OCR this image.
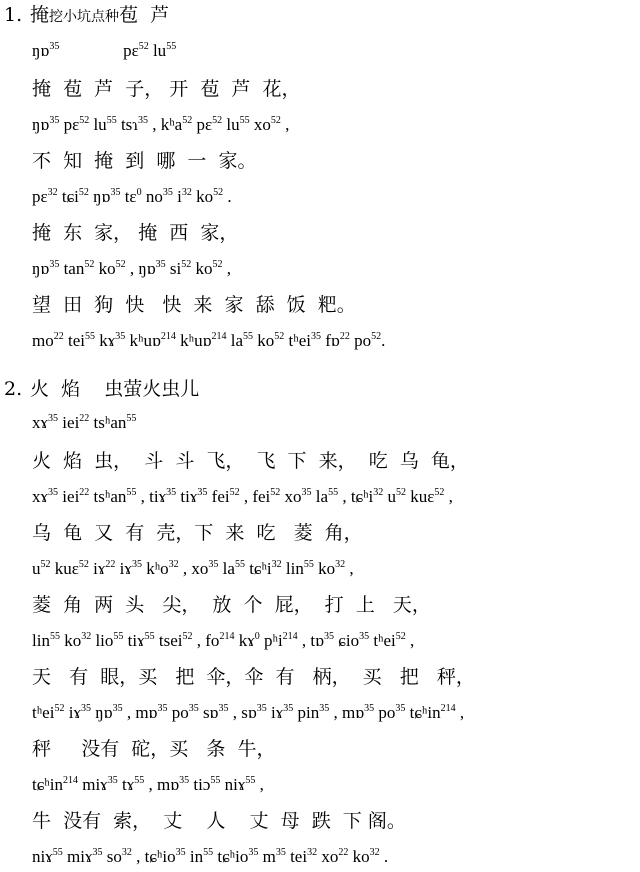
1. 掩挖小坑点种苞  芦
ŋɒ$^{35}$               pɛ$^{52}$ $lu^{55}$
掩  苞  芦  子， 开  苞  芦  花，
ŋɒ$^{35}$ pɛ$^{52}$ $lu^{55}$ tsɿ$^{35}$ , kʰa$^{52}$ pɛ$^{52}$ $lu^{55}$ $xo^{52}$ ,
不  知  掩  到  哪  一  家。
pɛ$^{32}$ tɕi$^{52}$ ŋɒ$^{35}$ tɛ$^0$ $no^{35}$ $i^{32}$ $ko^{52}$ .
掩  东  家， 掩  西  家，
ŋɒ$^{35}$ $\tan^{52} ko^{52}$ , ŋɒ$^{35}$ $si^{52}$ $ko^{52}$ ,
望  田  狗  快   快  来  家  舔  饭  粑。
$mo^{22}$ tei$^{55}$ kɤ$^{35}$ kʰuɒ$^{214}$ kʰuɒ$^{214}$ $la^{55}$ $ko^{52}$ tʰei$^{35}$ fɒ$^{22}$ $po^{52}$.
2. 火  焰    虫萤火虫儿
xɤ$^{35}$ iei$^{22}$ tsʰan$^{55}$
火  焰  虫，  斗  斗  飞，  飞  下  来，  吃  乌  龟，
xɤ$^{35}$ iei$^{22}$ tsʰan$^{55}$ , tiɤ$^{35}$ tiɤ$^{35}$ fei$^{52}$ , fei$^{52}$ $xo^{35}$ $la^{55}$ , tɕʰi$^{32}$ $u^{52}$ kuɛ$^{52}$ ,
乌  龟  又  有  壳，下  来  吃   菱  角，
$u^{52}$ kuɛ$^{52}$ iɤ$^{22}$ iɤ$^{35}$ kʰo$^{32}$ , $xo^{35}$ $la^{55}$ tɕʰi$^{32}$ lin$^{55}$ $ko^{32}$ ,
菱  角  两  头   尖，  放  个  屁，  打  上   天，
lin$^{55}$ $ko^{32}$ lio$^{55}$ tiɤ$^{55}$ tsei$^{52}$ , $fo^{214}$ kɤ$^0$ pʰi$^{214}$ , tɒ$^{35}$ ɕio$^{35}$ tʰei$^{52}$ ,
天   有  眼，买   把  伞，伞  有   柄，  买   把   秤，
tʰei$^{52}$ iɤ$^{35}$ ŋɒ$^{35}$ , mɒ$^{35}$ $po^{35}$ sɒ$^{35}$ , sɒ$^{35}$ iɤ$^{35}$ pin$^{35}$ , mɒ$^{35}$ $po^{35}$ tɕʰin$^{214}$ ,
秤     没有  砣，买   条  牛，
tɕʰin$^{214}$ miɤ$^{35}$ tɤ$^{55}$ , mɒ$^{35}$ tiɔ$^{55}$ niɤ$^{55}$ ,
牛  没有  索，  丈    人    丈  母  跌  下 阁。
niɤ$^{55}$ miɤ$^{35}$ $so^{32}$ , tɕʰio$^{35}$ $in^{55}$ tɕʰio$^{35}$ $m^{35}$ tei$^{32}$ $xo^{22}$ $ko^{32}$ .
